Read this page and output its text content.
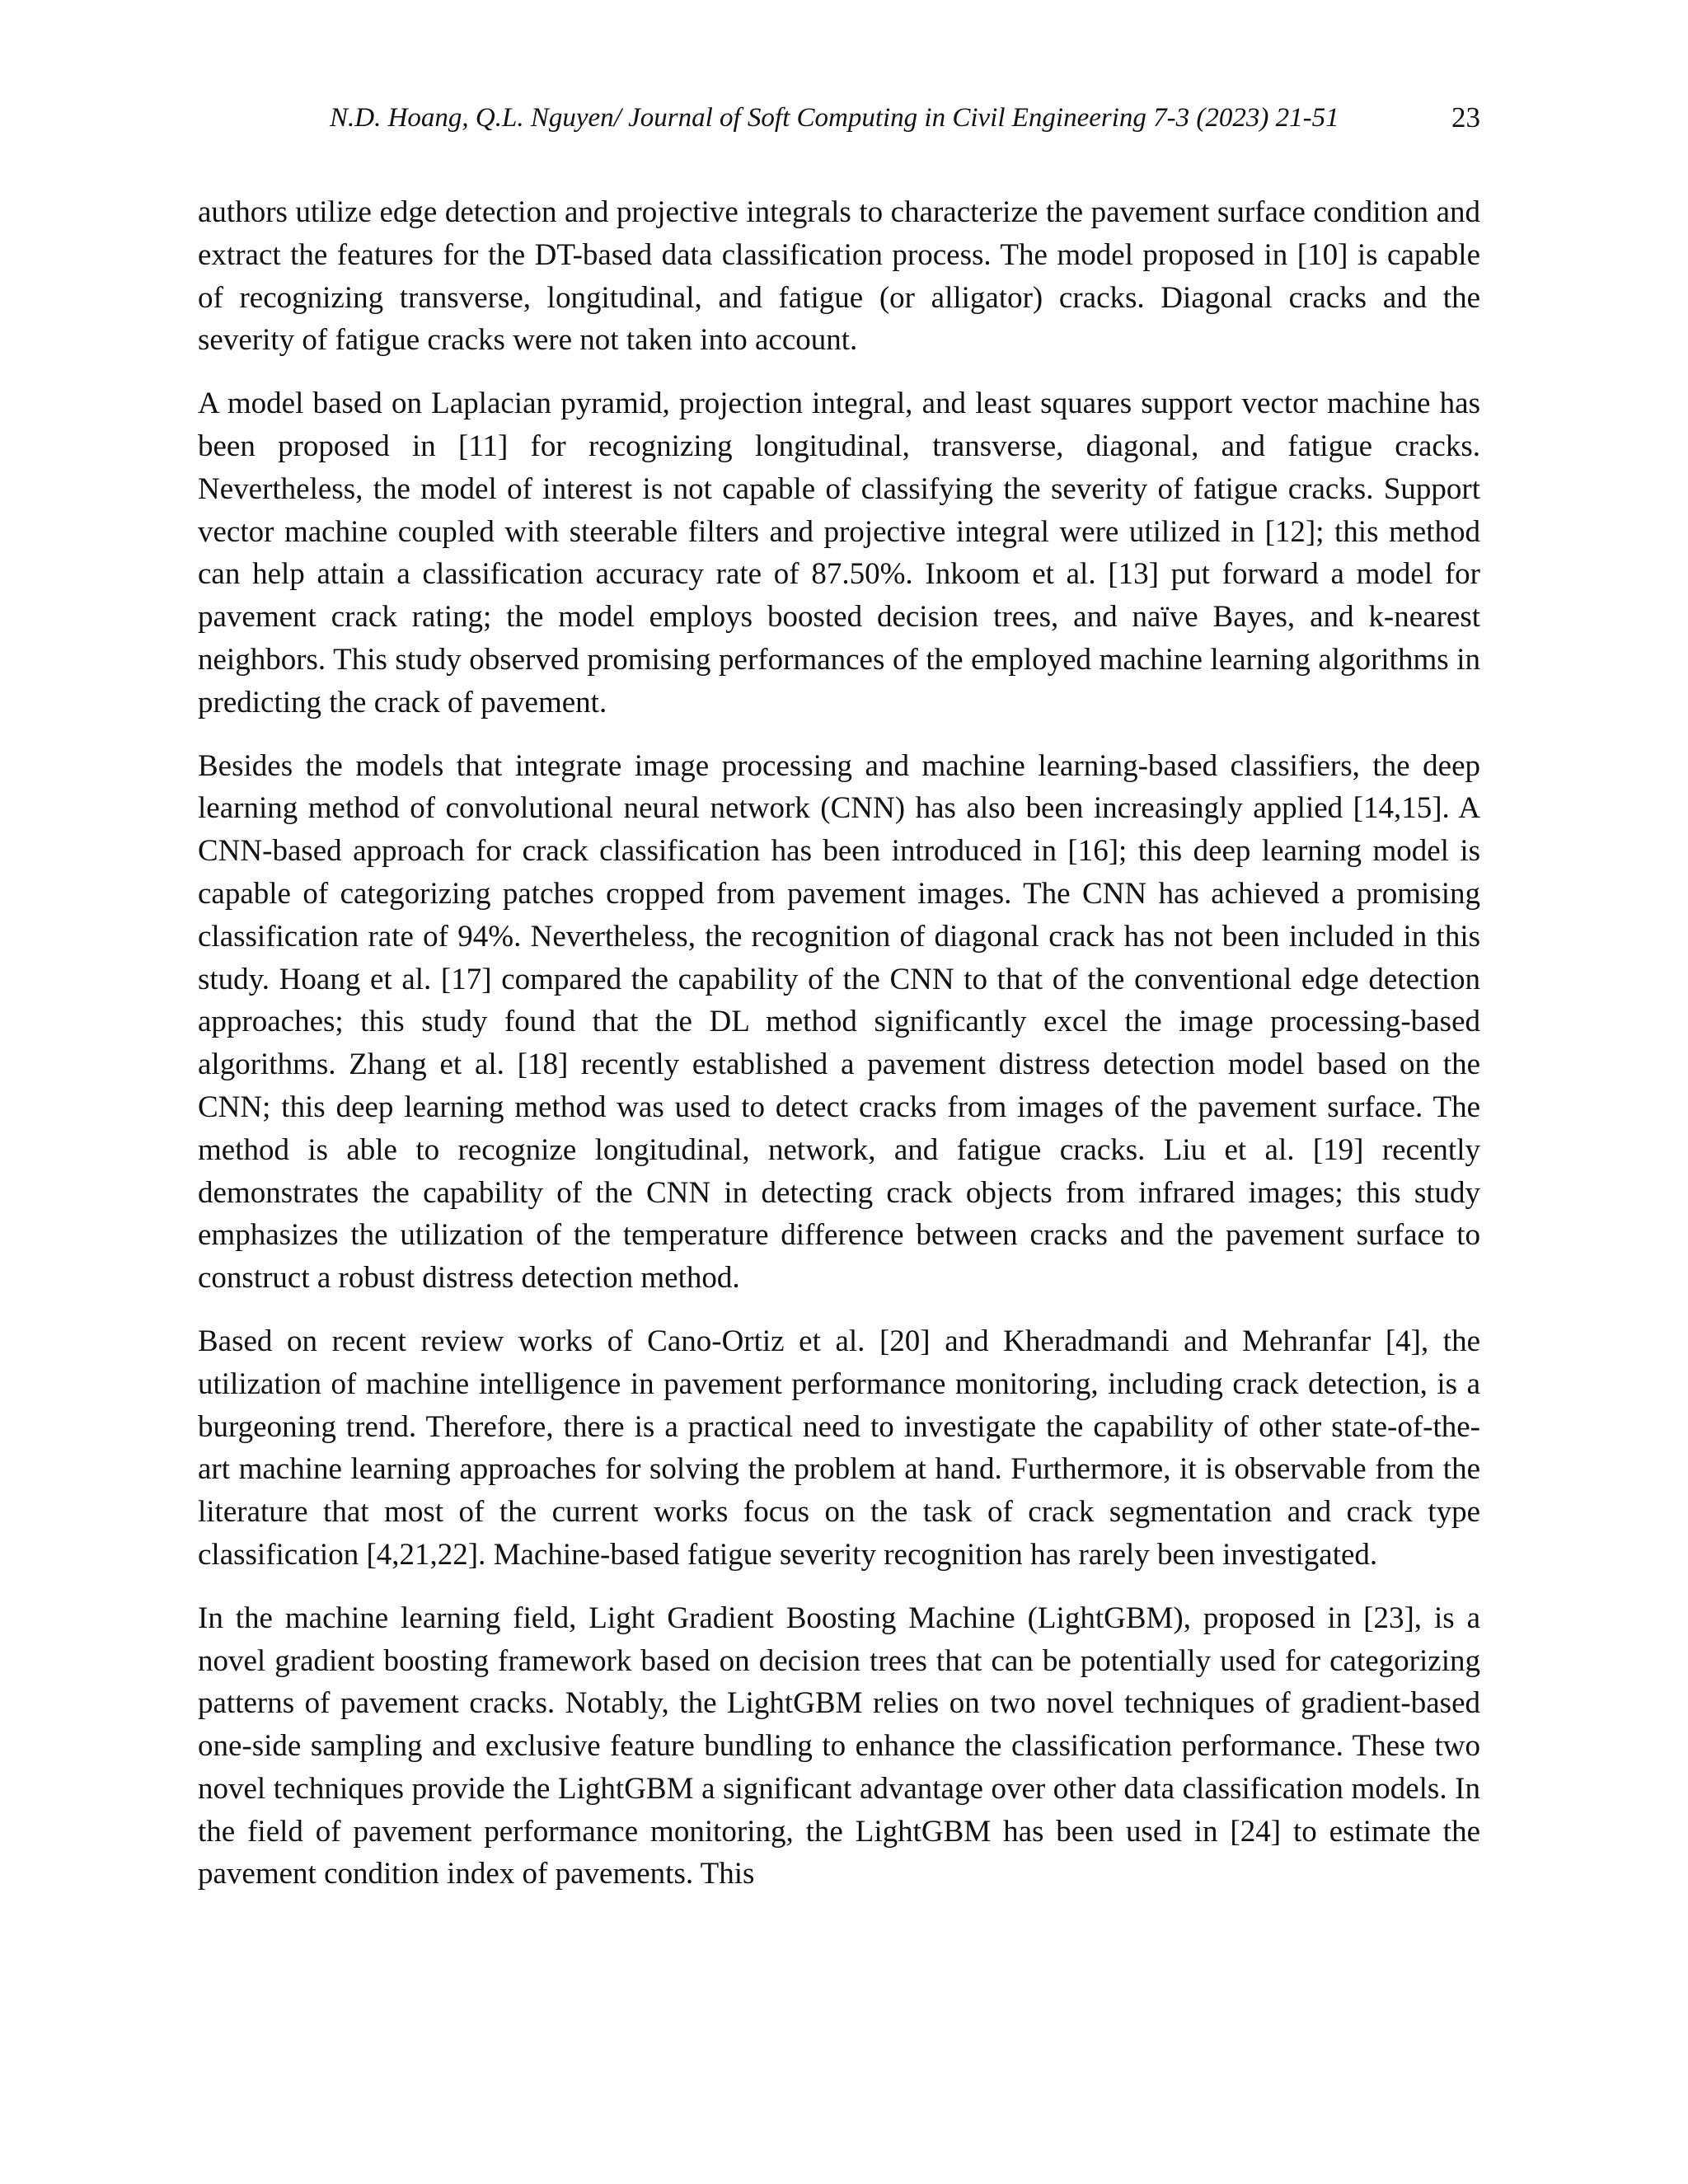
N.D. Hoang, Q.L. Nguyen/ Journal of Soft Computing in Civil Engineering 7-3 (2023) 21-51	23

authors utilize edge detection and projective integrals to characterize the pavement surface condition and extract the features for the DT-based data classification process. The model proposed in [10] is capable of recognizing transverse, longitudinal, and fatigue (or alligator) cracks. Diagonal cracks and the severity of fatigue cracks were not taken into account.

A model based on Laplacian pyramid, projection integral, and least squares support vector machine has been proposed in [11] for recognizing longitudinal, transverse, diagonal, and fatigue cracks. Nevertheless, the model of interest is not capable of classifying the severity of fatigue cracks. Support vector machine coupled with steerable filters and projective integral were utilized in [12]; this method can help attain a classification accuracy rate of 87.50%. Inkoom et al. [13] put forward a model for pavement crack rating; the model employs boosted decision trees, and naïve Bayes, and k-nearest neighbors. This study observed promising performances of the employed machine learning algorithms in predicting the crack of pavement.

Besides the models that integrate image processing and machine learning-based classifiers, the deep learning method of convolutional neural network (CNN) has also been increasingly applied [14,15]. A CNN-based approach for crack classification has been introduced in [16]; this deep learning model is capable of categorizing patches cropped from pavement images. The CNN has achieved a promising classification rate of 94%. Nevertheless, the recognition of diagonal crack has not been included in this study. Hoang et al. [17] compared the capability of the CNN to that of the conventional edge detection approaches; this study found that the DL method significantly excel the image processing-based algorithms. Zhang et al. [18] recently established a pavement distress detection model based on the CNN; this deep learning method was used to detect cracks from images of the pavement surface. The method is able to recognize longitudinal, network, and fatigue cracks. Liu et al. [19] recently demonstrates the capability of the CNN in detecting crack objects from infrared images; this study emphasizes the utilization of the temperature difference between cracks and the pavement surface to construct a robust distress detection method.

Based on recent review works of Cano-Ortiz et al. [20] and Kheradmandi and Mehranfar [4], the utilization of machine intelligence in pavement performance monitoring, including crack detection, is a burgeoning trend. Therefore, there is a practical need to investigate the capability of other state-of-the-art machine learning approaches for solving the problem at hand. Furthermore, it is observable from the literature that most of the current works focus on the task of crack segmentation and crack type classification [4,21,22]. Machine-based fatigue severity recognition has rarely been investigated.

In the machine learning field, Light Gradient Boosting Machine (LightGBM), proposed in [23], is a novel gradient boosting framework based on decision trees that can be potentially used for categorizing patterns of pavement cracks. Notably, the LightGBM relies on two novel techniques of gradient-based one-side sampling and exclusive feature bundling to enhance the classification performance. These two novel techniques provide the LightGBM a significant advantage over other data classification models. In the field of pavement performance monitoring, the LightGBM has been used in [24] to estimate the pavement condition index of pavements. This
